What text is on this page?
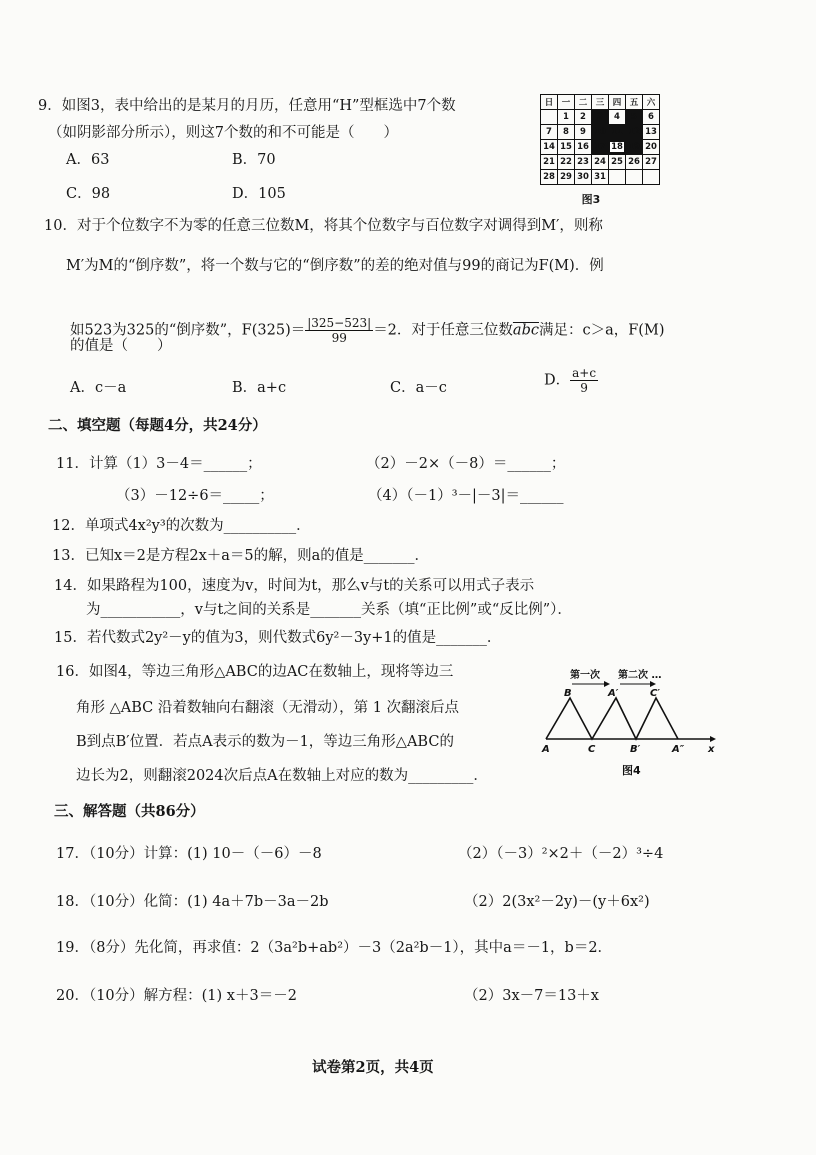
9．如图3，表中给出的是某月的月历，任意用“H”型框选中7个数
（如阴影部分所示），则这7个数的和不可能是（　　）
A．63	B．70
C．98	D．105
日	一	二	三	四	五	六
	1	2	3	4	5	6
7	8	9	10	11	12	13
14	15	16	17	18	19	20
21	22	23	24	25	26	27
28	29	30	31			
图3
10．对于个位数字不为零的任意三位数M，将其个位数字与百位数字对调得到M′，则称
M′为M的“倒序数”，将一个数与它的“倒序数”的差的绝对值与99的商记为F(M)．例
如523为325的“倒序数”，$F(325)= \frac{|325-523|}{99} =2$．对于任意三位数$\overline{abc}$满足：c＞a，F(M)
的值是（　　）
A．c－a	B．a+c	C．a－c	D． $\frac{a+c}{9}$
二、填空题（每题4分，共24分）
11．计算（1）3－4＝______；	（2）－2×（－8）＝______；
（3）－12÷6＝_____；	（4）（－1）³－|－3|＝______
12．单项式4x²y³的次数为__________．
13．已知x＝2是方程2x＋a＝5的解，则a的值是_______．
14．如果路程为100，速度为v，时间为t，那么v与t的关系可以用式子表示
为___________，v与t之间的关系是_______关系（填“正比例”或“反比例”）．
15．若代数式2y²－y的值为3，则代数式6y²－3y+1的值是_______．
16．如图4，等边三角形△ABC的边AC在数轴上，现将等边三
角形 △ABC 沿着数轴向右翻滚（无滑动），第 1 次翻滚后点
B到点B′位置．若点A表示的数为－1，等边三角形△ABC的
边长为2，则翻滚2024次后点A在数轴上对应的数为_________．
第一次 第二次 …
B	A′	C′
A	C	B′	A″ x
图4
三、解答题（共86分）
17．（10分）计算：(1) 10－（－6）－8	（2）（－3）²×2＋（－2）³÷4
18．（10分）化简：(1) 4a＋7b－3a－2b	（2）2(3x²－2y)－(y＋6x²)
19．（8分）先化简，再求值：2（3a²b+ab²）－3（2a²b－1），其中a＝－1，b＝2．
20．（10分）解方程：(1) x＋3＝－2	（2）3x－7＝13＋x
试卷第2页，共4页
